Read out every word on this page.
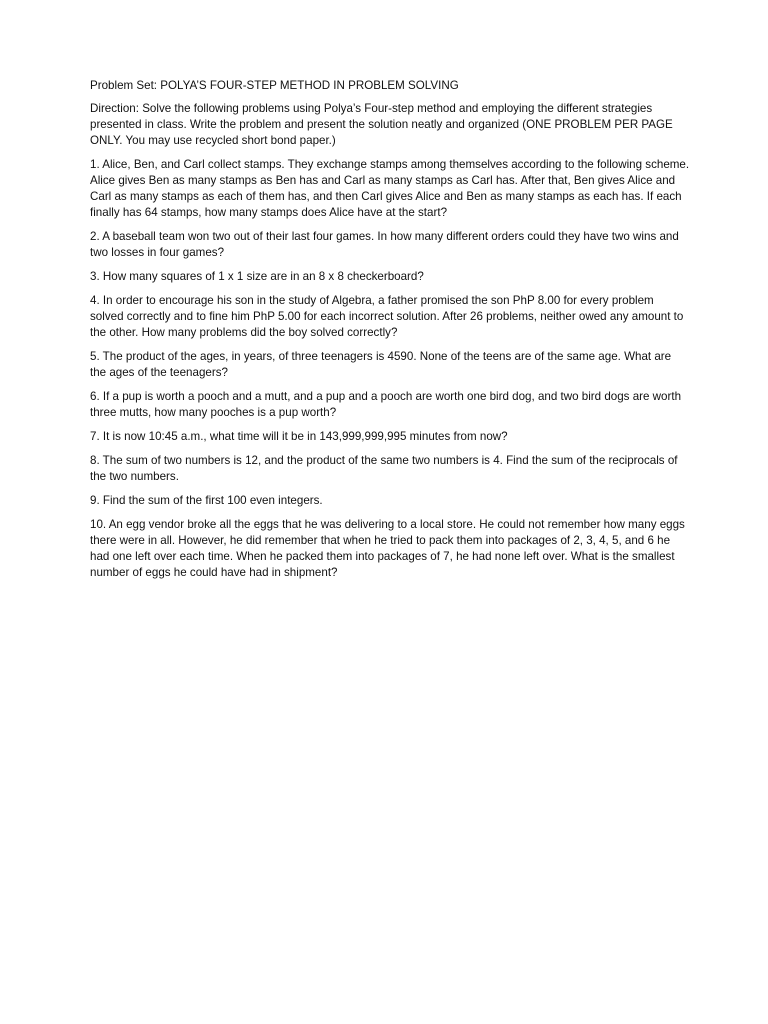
Problem Set: POLYA’S FOUR-STEP METHOD IN PROBLEM SOLVING

Direction: Solve the following problems using Polya’s Four-step method and employing the different strategies presented in class. Write the problem and present the solution neatly and organized (ONE PROBLEM PER PAGE ONLY. You may use recycled short bond paper.)

1. Alice, Ben, and Carl collect stamps. They exchange stamps among themselves according to the following scheme. Alice gives Ben as many stamps as Ben has and Carl as many stamps as Carl has. After that, Ben gives Alice and Carl as many stamps as each of them has, and then Carl gives Alice and Ben as many stamps as each has. If each finally has 64 stamps, how many stamps does Alice have at the start?

2. A baseball team won two out of their last four games. In how many different orders could they have two wins and two losses in four games?

3. How many squares of 1 x 1 size are in an 8 x 8 checkerboard?

4. In order to encourage his son in the study of Algebra, a father promised the son PhP 8.00 for every problem solved correctly and to fine him PhP 5.00 for each incorrect solution. After 26 problems, neither owed any amount to the other. How many problems did the boy solved correctly?

5. The product of the ages, in years, of three teenagers is 4590. None of the teens are of the same age. What are the ages of the teenagers?

6. If a pup is worth a pooch and a mutt, and a pup and a pooch are worth one bird dog, and two bird dogs are worth three mutts, how many pooches is a pup worth?

7. It is now 10:45 a.m., what time will it be in 143,999,999,995 minutes from now?

8. The sum of two numbers is 12, and the product of the same two numbers is 4. Find the sum of the reciprocals of the two numbers.

9. Find the sum of the first 100 even integers.

10. An egg vendor broke all the eggs that he was delivering to a local store. He could not remember how many eggs there were in all. However, he did remember that when he tried to pack them into packages of 2, 3, 4, 5, and 6 he had one left over each time. When he packed them into packages of 7, he had none left over. What is the smallest number of eggs he could have had in shipment?
